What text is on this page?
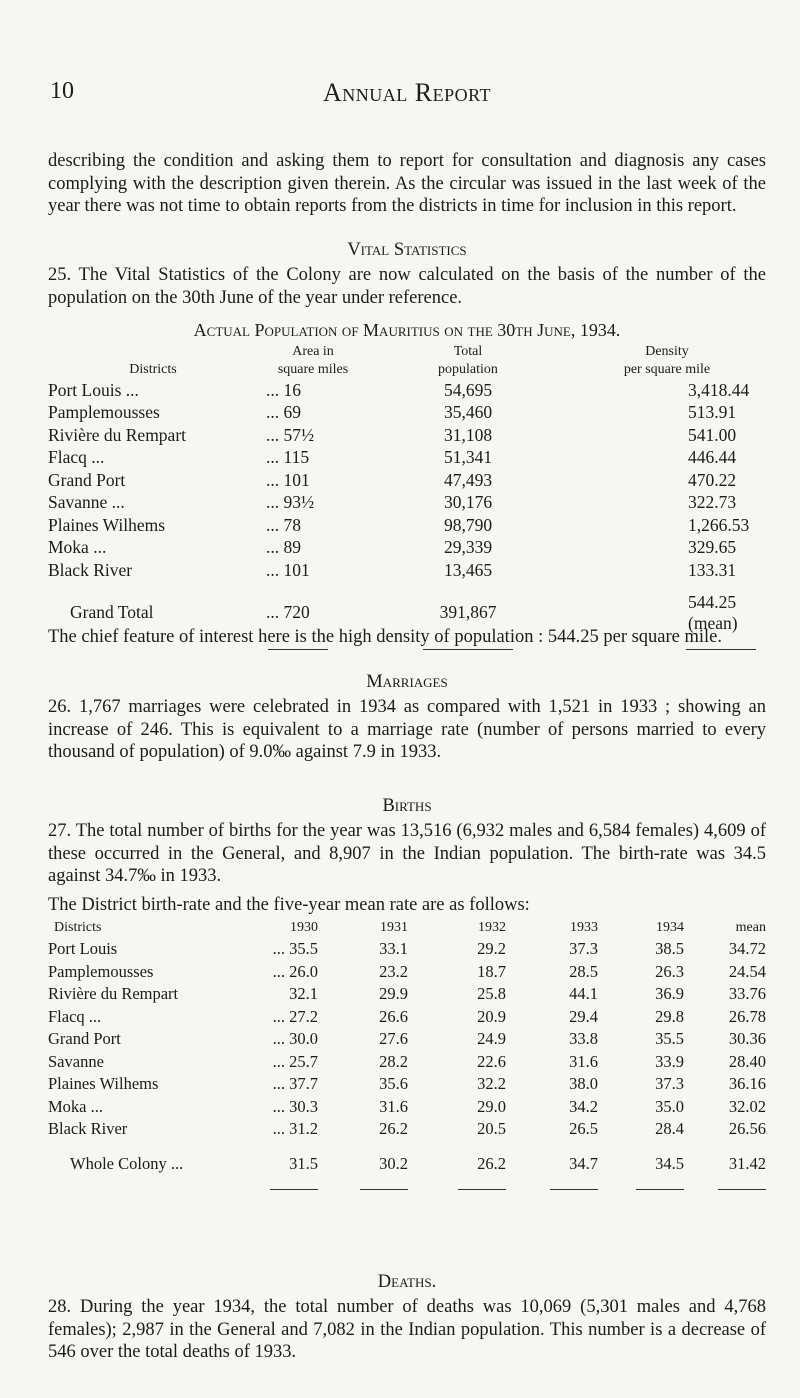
10	Annual Report

describing the condition and asking them to report for consultation and diagnosis any cases complying with the description given therein. As the circular was issued in the last week of the year there was not time to obtain reports from the districts in time for inclusion in this report.

Vital Statistics

25. The Vital Statistics of the Colony are now calculated on the basis of the number of the population on the 30th June of the year under reference.

Actual Population of Mauritius on the 30th June, 1934.
	Area in	Total	Density
Districts	square miles	population	per square mile
Port Louis ...	... 16	54,695	3,418.44
Pamplemousses	... 69	35,460	513.91
Rivière du Rempart	... 57½	31,108	541.00
Flacq ...	... 115	51,341	446.44
Grand Port	... 101	47,493	470.22
Savanne ...	... 93½	30,176	322.73
Plaines Wilhems	... 78	98,790	1,266.53
Moka ...	... 89	29,339	329.65
Black River	... 101	13,465	133.31

Grand Total	... 720	391,867	544.25 (mean)

The chief feature of interest here is the high density of population : 544.25 per square mile.

Marriages

26. 1,767 marriages were celebrated in 1934 as compared with 1,521 in 1933 ; showing an increase of 246. This is equivalent to a marriage rate (number of persons married to every thousand of population) of 9.0‰ against 7.9 in 1933.

Births

27. The total number of births for the year was 13,516 (6,932 males and 6,584 females) 4,609 of these occurred in the General, and 8,907 in the Indian population. The birth-rate was 34.5 against 34.7‰ in 1933.

The District birth-rate and the five-year mean rate are as follows:

Districts	1930	1931	1932	1933	1934	mean
Port Louis	... 35.5	33.1	29.2	37.3	38.5	34.72
Pamplemousses	... 26.0	23.2	18.7	28.5	26.3	24.54
Rivière du Rempart	32.1	29.9	25.8	44.1	36.9	33.76
Flacq ...	... 27.2	26.6	20.9	29.4	29.8	26.78
Grand Port	... 30.0	27.6	24.9	33.8	35.5	30.36
Savanne	... 25.7	28.2	22.6	31.6	33.9	28.40
Plaines Wilhems	... 37.7	35.6	32.2	38.0	37.3	36.16
Moka ...	... 30.3	31.6	29.0	34.2	35.0	32.02
Black River	... 31.2	26.2	20.5	26.5	28.4	26.56

Whole Colony ...	31.5	30.2	26.2	34.7	34.5	31.42

Deaths.

28. During the year 1934, the total number of deaths was 10,069 (5,301 males and 4,768 females); 2,987 in the General and 7,082 in the Indian population. This number is a decrease of 546 over the total deaths of 1933.
